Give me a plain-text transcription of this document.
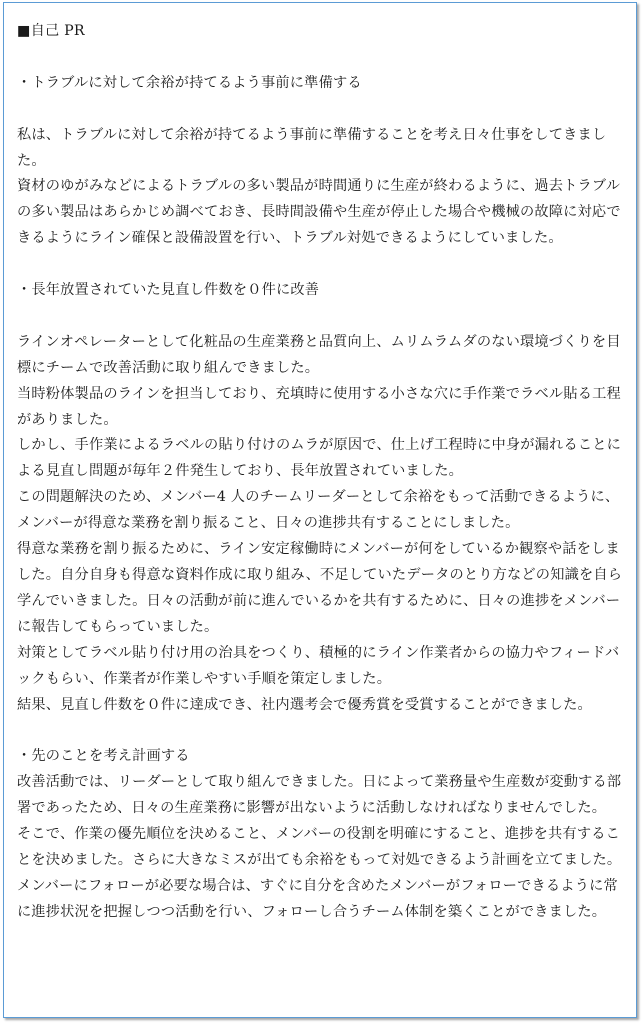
■自己 PR

・トラブルに対して余裕が持てるよう事前に準備する

私は、トラブルに対して余裕が持てるよう事前に準備することを考え日々仕事をしてきました。

資材のゆがみなどによるトラブルの多い製品が時間通りに生産が終わるように、過去トラブルの多い製品はあらかじめ調べておき、長時間設備や生産が停止した場合や機械の故障に対応できるようにライン確保と設備設置を行い、トラブル対処できるようにしていました。

・長年放置されていた見直し件数を０件に改善

ラインオペレーターとして化粧品の生産業務と品質向上、ムリムラムダのない環境づくりを目標にチームで改善活動に取り組んできました。

当時粉体製品のラインを担当しており、充填時に使用する小さな穴に手作業でラベル貼る工程がありました。

しかし、手作業によるラベルの貼り付けのムラが原因で、仕上げ工程時に中身が漏れることによる見直し問題が毎年２件発生しており、長年放置されていました。

この問題解決のため、メンバー4 人のチームリーダーとして余裕をもって活動できるように、メンバーが得意な業務を割り振ること、日々の進捗共有することにしました。

得意な業務を割り振るために、ライン安定稼働時にメンバーが何をしているか観察や話をしました。自分自身も得意な資料作成に取り組み、不足していたデータのとり方などの知識を自ら学んでいきました。日々の活動が前に進んでいるかを共有するために、日々の進捗をメンバーに報告してもらっていました。

対策としてラベル貼り付け用の治具をつくり、積極的にライン作業者からの協力やフィードバックもらい、作業者が作業しやすい手順を策定しました。

結果、見直し件数を０件に達成でき、社内選考会で優秀賞を受賞することができました。

・先のことを考え計画する

改善活動では、リーダーとして取り組んできました。日によって業務量や生産数が変動する部署であったため、日々の生産業務に影響が出ないように活動しなければなりませんでした。

そこで、作業の優先順位を決めること、メンバーの役割を明確にすること、進捗を共有することを決めました。さらに大きなミスが出ても余裕をもって対処できるよう計画を立てました。

メンバーにフォローが必要な場合は、すぐに自分を含めたメンバーがフォローできるように常に進捗状況を把握しつつ活動を行い、フォローし合うチーム体制を築くことができました。
